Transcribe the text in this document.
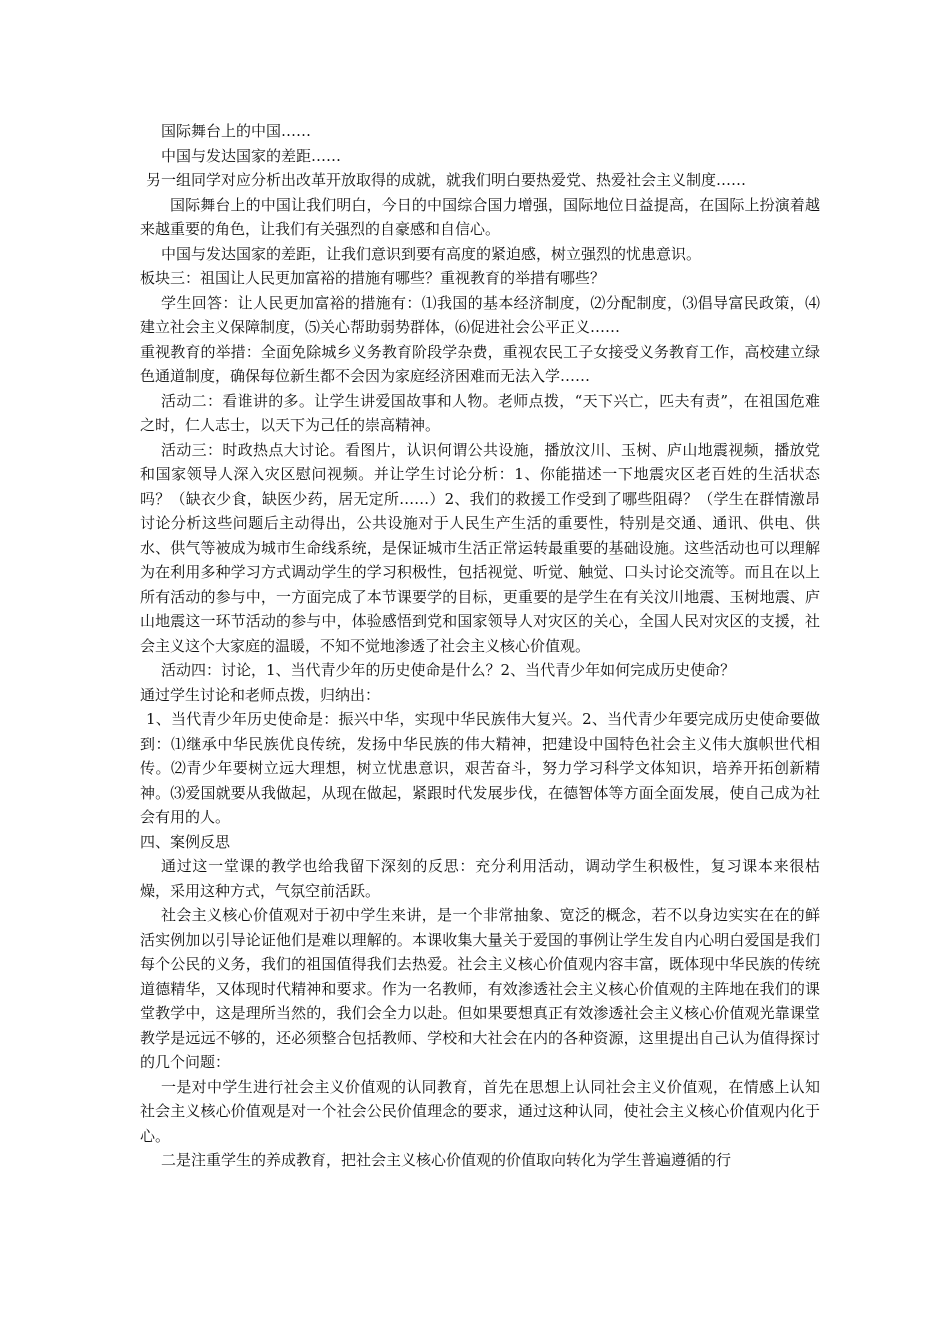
国际舞台上的中国……

中国与发达国家的差距……

另一组同学对应分析出改革开放取得的成就，就我们明白要热爱党、热爱社会主义制度……

国际舞台上的中国让我们明白，今日的中国综合国力增强，国际地位日益提高，在国际上扮演着越来越重要的角色，让我们有关强烈的自豪感和自信心。

中国与发达国家的差距，让我们意识到要有高度的紧迫感，树立强烈的忧患意识。

板块三：祖国让人民更加富裕的措施有哪些？重视教育的举措有哪些？

学生回答：让人民更加富裕的措施有：⑴我国的基本经济制度，⑵分配制度，⑶倡导富民政策，⑷建立社会主义保障制度，⑸关心帮助弱势群体，⑹促进社会公平正义……

重视教育的举措：全面免除城乡义务教育阶段学杂费，重视农民工子女接受义务教育工作，高校建立绿色通道制度，确保每位新生都不会因为家庭经济困难而无法入学……

活动二：看谁讲的多。让学生讲爱国故事和人物。老师点拨，“天下兴亡，匹夫有责”，在祖国危难之时，仁人志士，以天下为己任的崇高精神。

活动三：时政热点大讨论。看图片，认识何谓公共设施，播放汶川、玉树、庐山地震视频，播放党和国家领导人深入灾区慰问视频。并让学生讨论分析：1、你能描述一下地震灾区老百姓的生活状态吗？（缺衣少食，缺医少药，居无定所……）2、我们的救援工作受到了哪些阻碍？（学生在群情激昂讨论分析这些问题后主动得出，公共设施对于人民生产生活的重要性，特别是交通、通讯、供电、供水、供气等被成为城市生命线系统，是保证城市生活正常运转最重要的基础设施。这些活动也可以理解为在利用多种学习方式调动学生的学习积极性，包括视觉、听觉、触觉、口头讨论交流等。而且在以上所有活动的参与中，一方面完成了本节课要学的目标，更重要的是学生在有关汶川地震、玉树地震、庐山地震这一环节活动的参与中，体验感悟到党和国家领导人对灾区的关心，全国人民对灾区的支援，社会主义这个大家庭的温暖，不知不觉地渗透了社会主义核心价值观。

活动四：讨论，1、当代青少年的历史使命是什么？2、当代青少年如何完成历史使命？

通过学生讨论和老师点拨，归纳出：

1、当代青少年历史使命是：振兴中华，实现中华民族伟大复兴。2、当代青少年要完成历史使命要做到：⑴继承中华民族优良传统，发扬中华民族的伟大精神，把建设中国特色社会主义伟大旗帜世代相传。⑵青少年要树立远大理想，树立忧患意识，艰苦奋斗，努力学习科学文体知识，培养开拓创新精神。⑶爱国就要从我做起，从现在做起，紧跟时代发展步伐，在德智体等方面全面发展，使自己成为社会有用的人。

四、案例反思

通过这一堂课的教学也给我留下深刻的反思：充分利用活动，调动学生积极性，复习课本来很枯燥，采用这种方式，气氛空前活跃。

社会主义核心价值观对于初中学生来讲，是一个非常抽象、宽泛的概念，若不以身边实实在在的鲜活实例加以引导论证他们是难以理解的。本课收集大量关于爱国的事例让学生发自内心明白爱国是我们每个公民的义务，我们的祖国值得我们去热爱。社会主义核心价值观内容丰富，既体现中华民族的传统道德精华，又体现时代精神和要求。作为一名教师，有效渗透社会主义核心价值观的主阵地在我们的课堂教学中，这是理所当然的，我们会全力以赴。但如果要想真正有效渗透社会主义核心价值观光靠课堂教学是远远不够的，还必须整合包括教师、学校和大社会在内的各种资源，这里提出自己认为值得探讨的几个问题：

一是对中学生进行社会主义价值观的认同教育，首先在思想上认同社会主义价值观，在情感上认知社会主义核心价值观是对一个社会公民价值理念的要求，通过这种认同，使社会主义核心价值观内化于心。

二是注重学生的养成教育，把社会主义核心价值观的价值取向转化为学生普遍遵循的行
